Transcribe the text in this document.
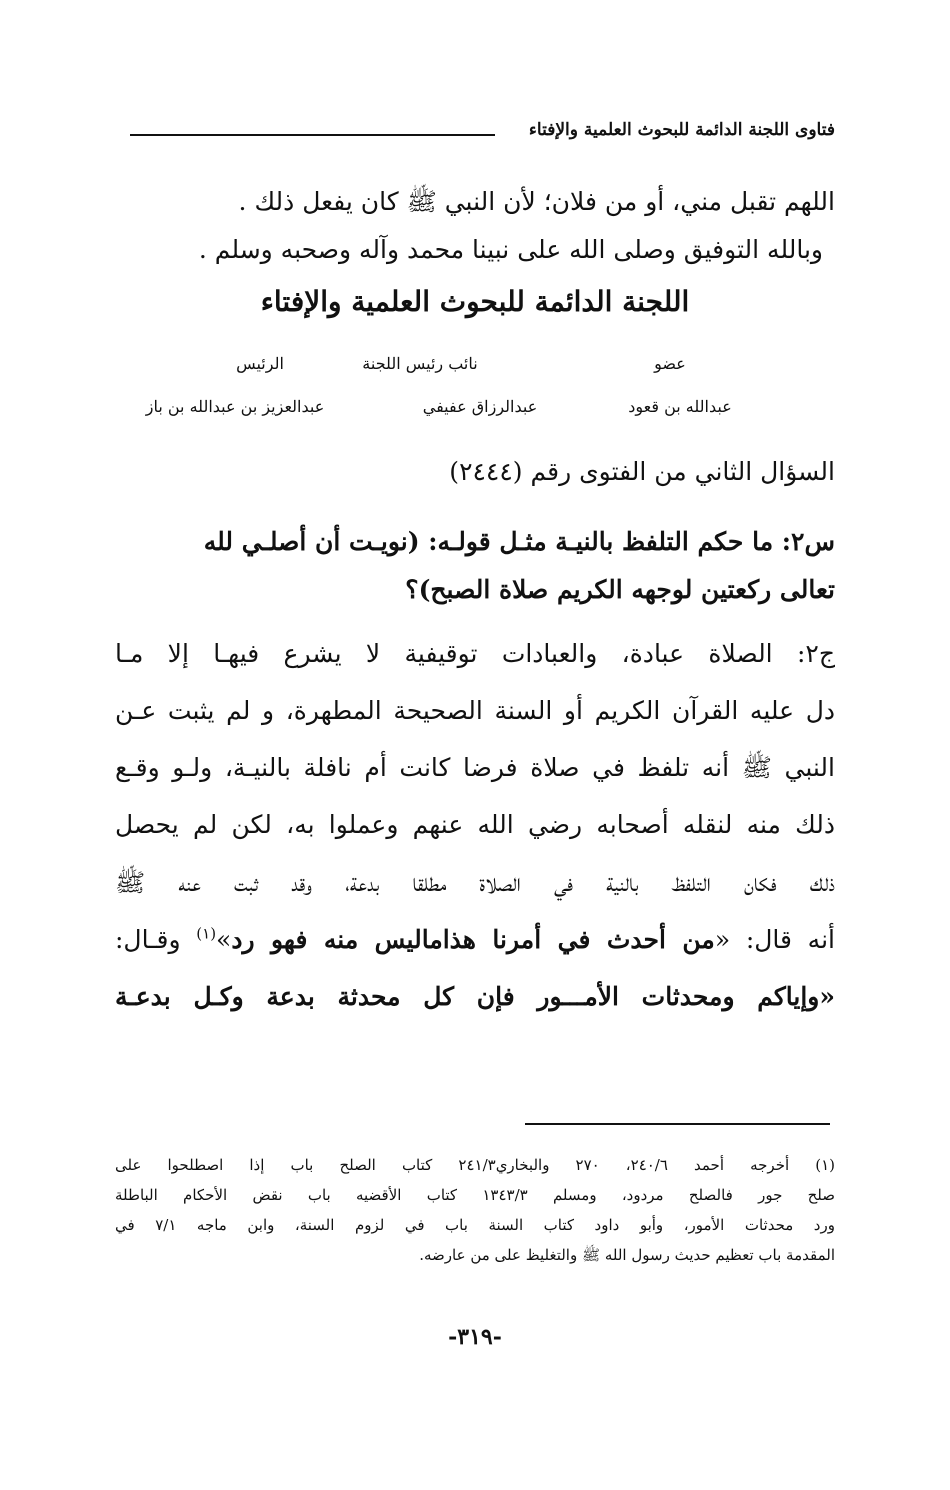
فتاوى اللجنة الدائمة للبحوث العلمية والإفتاء
اللهم تقبل مني، أو من فلان؛ لأن النبي ﷺ كان يفعل ذلك .
وبالله التوفيق وصلى الله على نبينا محمد وآله وصحبه وسلم .
اللجنة الدائمة للبحوث العلمية والإفتاء
عضو
نائب رئيس اللجنة
الرئيس
عبدالله بن قعود
عبدالرزاق عفيفي
عبدالعزيز بن عبدالله بن باز
السؤال الثاني من الفتوى رقم (٢٤٤٤)
س٢: ما حكم التلفظ بالنيـة مثـل قولـه: (نويـت أن أصلـي لله
تعالى ركعتين لوجهه الكريم صلاة الصبح)؟
ج٢: الصلاة عبادة، والعبادات توقيفية لا يشرع فيهـا إلا مـا
دل عليه القرآن الكريم أو السنة الصحيحة المطهرة، و لم يثبت عـن
النبي ﷺ أنه تلفظ في صلاة فرضا كانت أم نافلة بالنيـة، ولـو وقـع
ذلك منه لنقله أصحابه رضي الله عنهم وعملوا به، لكن لم يحصل
ذلك فكان التلفظ بالنية في الصلاة مطلقا بدعة، وقد ثبت عنه ﷺ
أنه قال: «من أحدث في أمرنا هذاماليس منه فهو رد»$^{(١)}$ وقـال:
«وإياكم ومحدثات الأمـــور فإن كل محدثة بدعة وكـل بدعـة
(١) أخرجه أحمد ٢٤٠/٦، ٢٧٠ والبخاري٢٤١/٣ كتاب الصلح باب إذا اصطلحوا على
صلح جور فالصلح مردود، ومسلم ١٣٤٣/٣ كتاب الأقضيه باب نقض الأحكام الباطلة
ورد محدثات الأمور، وأبو داود كتاب السنة باب في لزوم السنة، وابن ماجه ٧/١ في
المقدمة باب تعظيم حديث رسول الله ﷺ والتغليظ على من عارضه.
-٣١٩-
